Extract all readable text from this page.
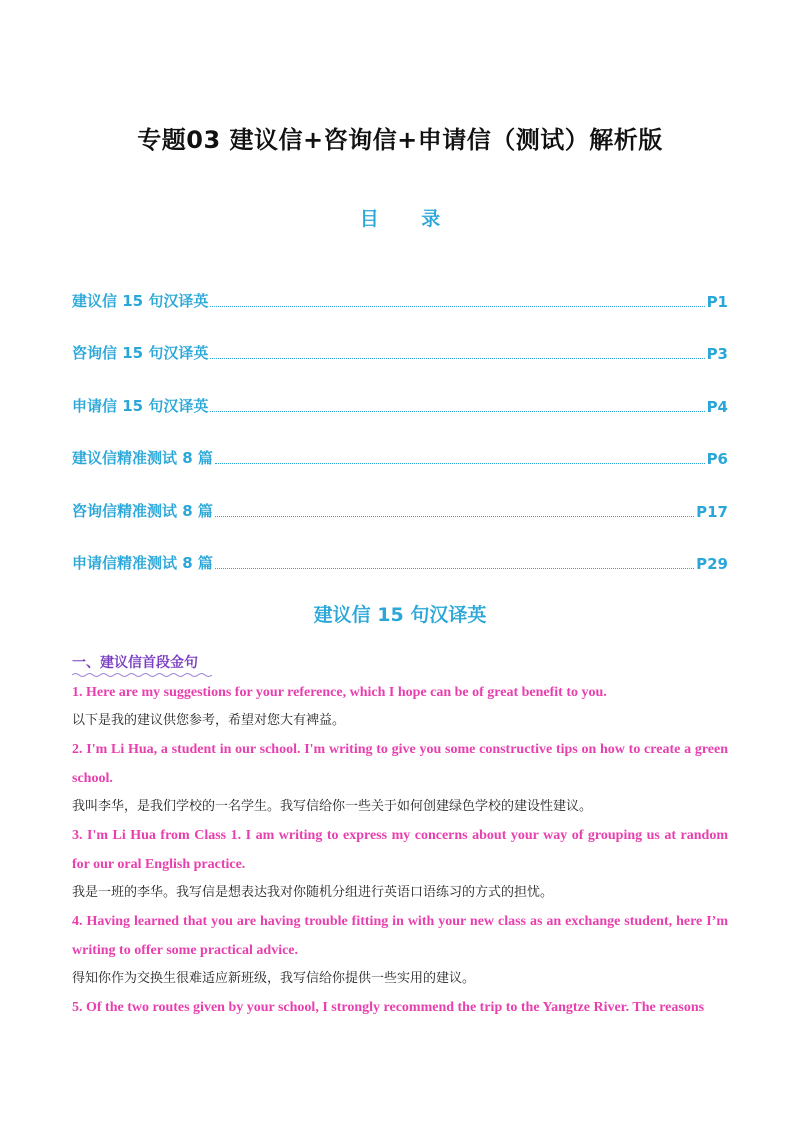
专题03 建议信+咨询信+申请信（测试）解析版
目 录
建议信 15 句汉译英	P1
咨询信 15 句汉译英	P3
申请信 15 句汉译英	P4
建议信精准测试 8 篇	P6
咨询信精准测试 8 篇	P17
申请信精准测试 8 篇	P29
建议信 15 句汉译英
一、建议信首段金句
1. Here are my suggestions for your reference, which I hope can be of great benefit to you.
以下是我的建议供您参考，希望对您大有裨益。
2. I'm Li Hua, a student in our school. I'm writing to give you some constructive tips on how to create a green school.
我叫李华，是我们学校的一名学生。我写信给你一些关于如何创建绿色学校的建设性建议。
3. I'm Li Hua from Class 1. I am writing to express my concerns about your way of grouping us at random for our oral English practice.
我是一班的李华。我写信是想表达我对你随机分组进行英语口语练习的方式的担忧。
4. Having learned that you are having trouble fitting in with your new class as an exchange student, here I’m writing to offer some practical advice.
得知你作为交换生很难适应新班级，我写信给你提供一些实用的建议。
5. Of the two routes given by your school, I strongly recommend the trip to the Yangtze River. The reasons
